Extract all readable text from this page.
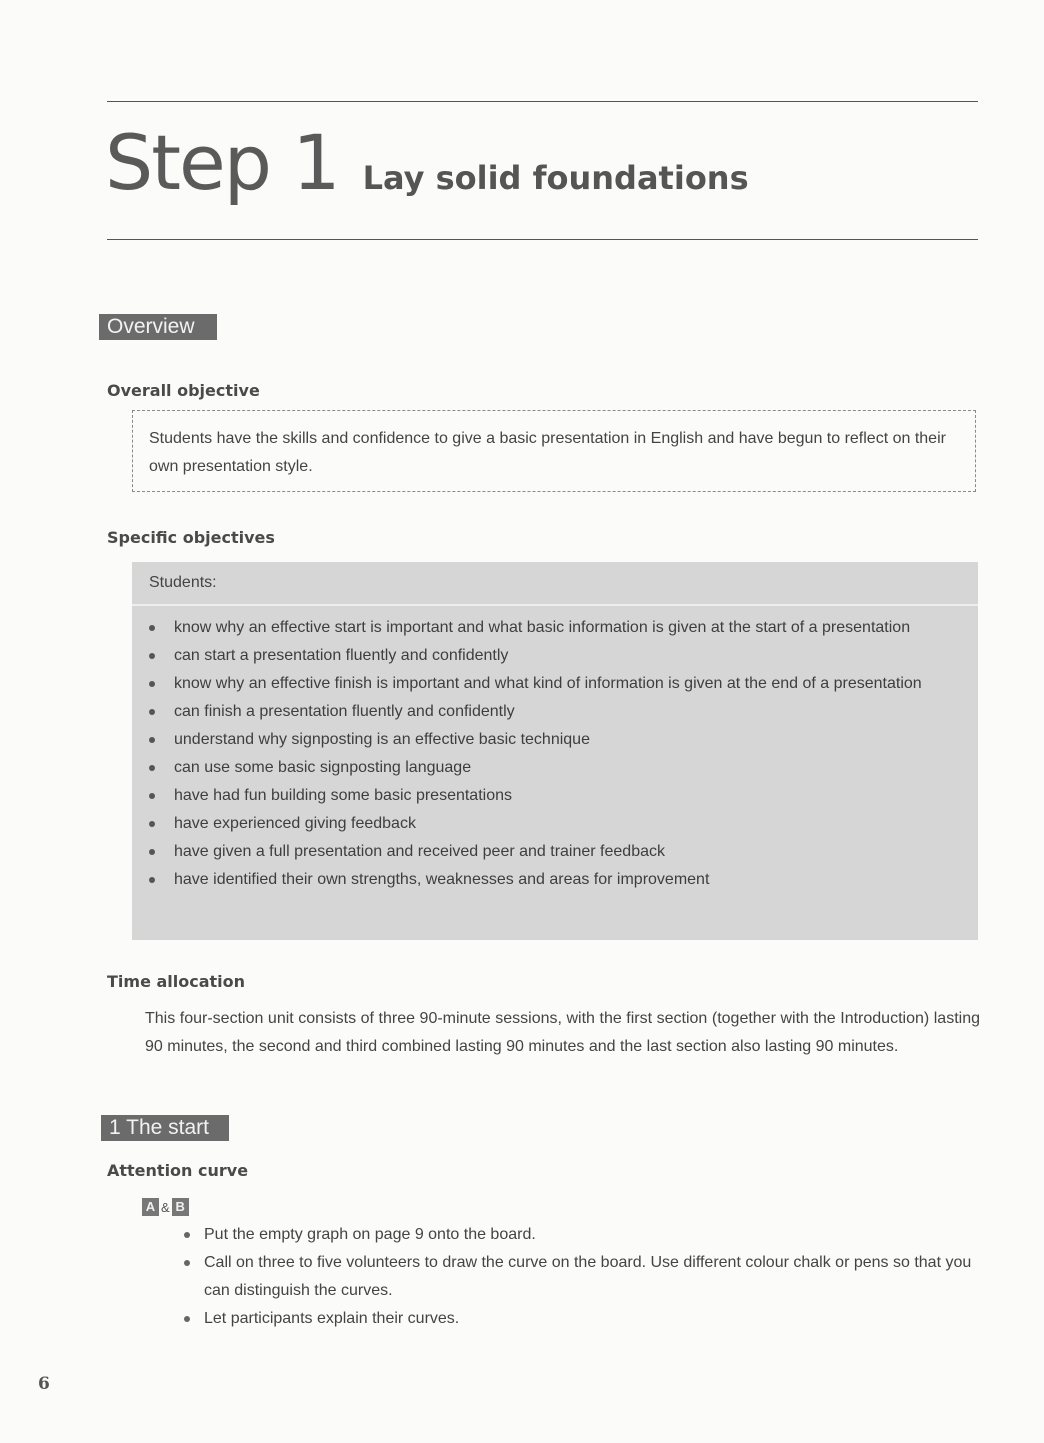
Step 1 Lay solid foundations
Overview
Overall objective

Students have the skills and confidence to give a basic presentation in English and have begun to reflect on their own presentation style.

Specific objectives
Students:
know why an effective start is important and what basic information is given at the start of a presentation
can start a presentation fluently and confidently
know why an effective finish is important and what kind of information is given at the end of a presentation
can finish a presentation fluently and confidently
understand why signposting is an effective basic technique
can use some basic signposting language
have had fun building some basic presentations
have experienced giving feedback
have given a full presentation and received peer and trainer feedback
have identified their own strengths, weaknesses and areas for improvement
Time allocation

This four-section unit consists of three 90-minute sessions, with the first section (together with the Introduction) lasting 90 minutes, the second and third combined lasting 90 minutes and the last section also lasting 90 minutes.

1 The start
Attention curve
A & B
Put the empty graph on page 9 onto the board.
Call on three to five volunteers to draw the curve on the board. Use different colour chalk or pens so that you can distinguish the curves.
Let participants explain their curves.
6
